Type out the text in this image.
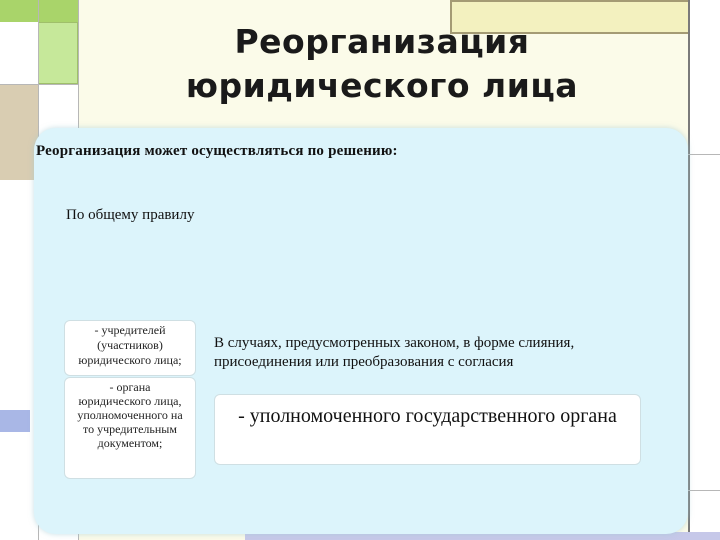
Реорганизация юридического лица
Реорганизация может осуществляться по решению:
По общему правилу
- учредителей (участников) юридического лица;
- органа юридического лица, уполномоченного на то учредительным документом;
В случаях, предусмотренных законом, в форме слияния, присоединения или преобразования с согласия
- уполномоченного государственного органа
